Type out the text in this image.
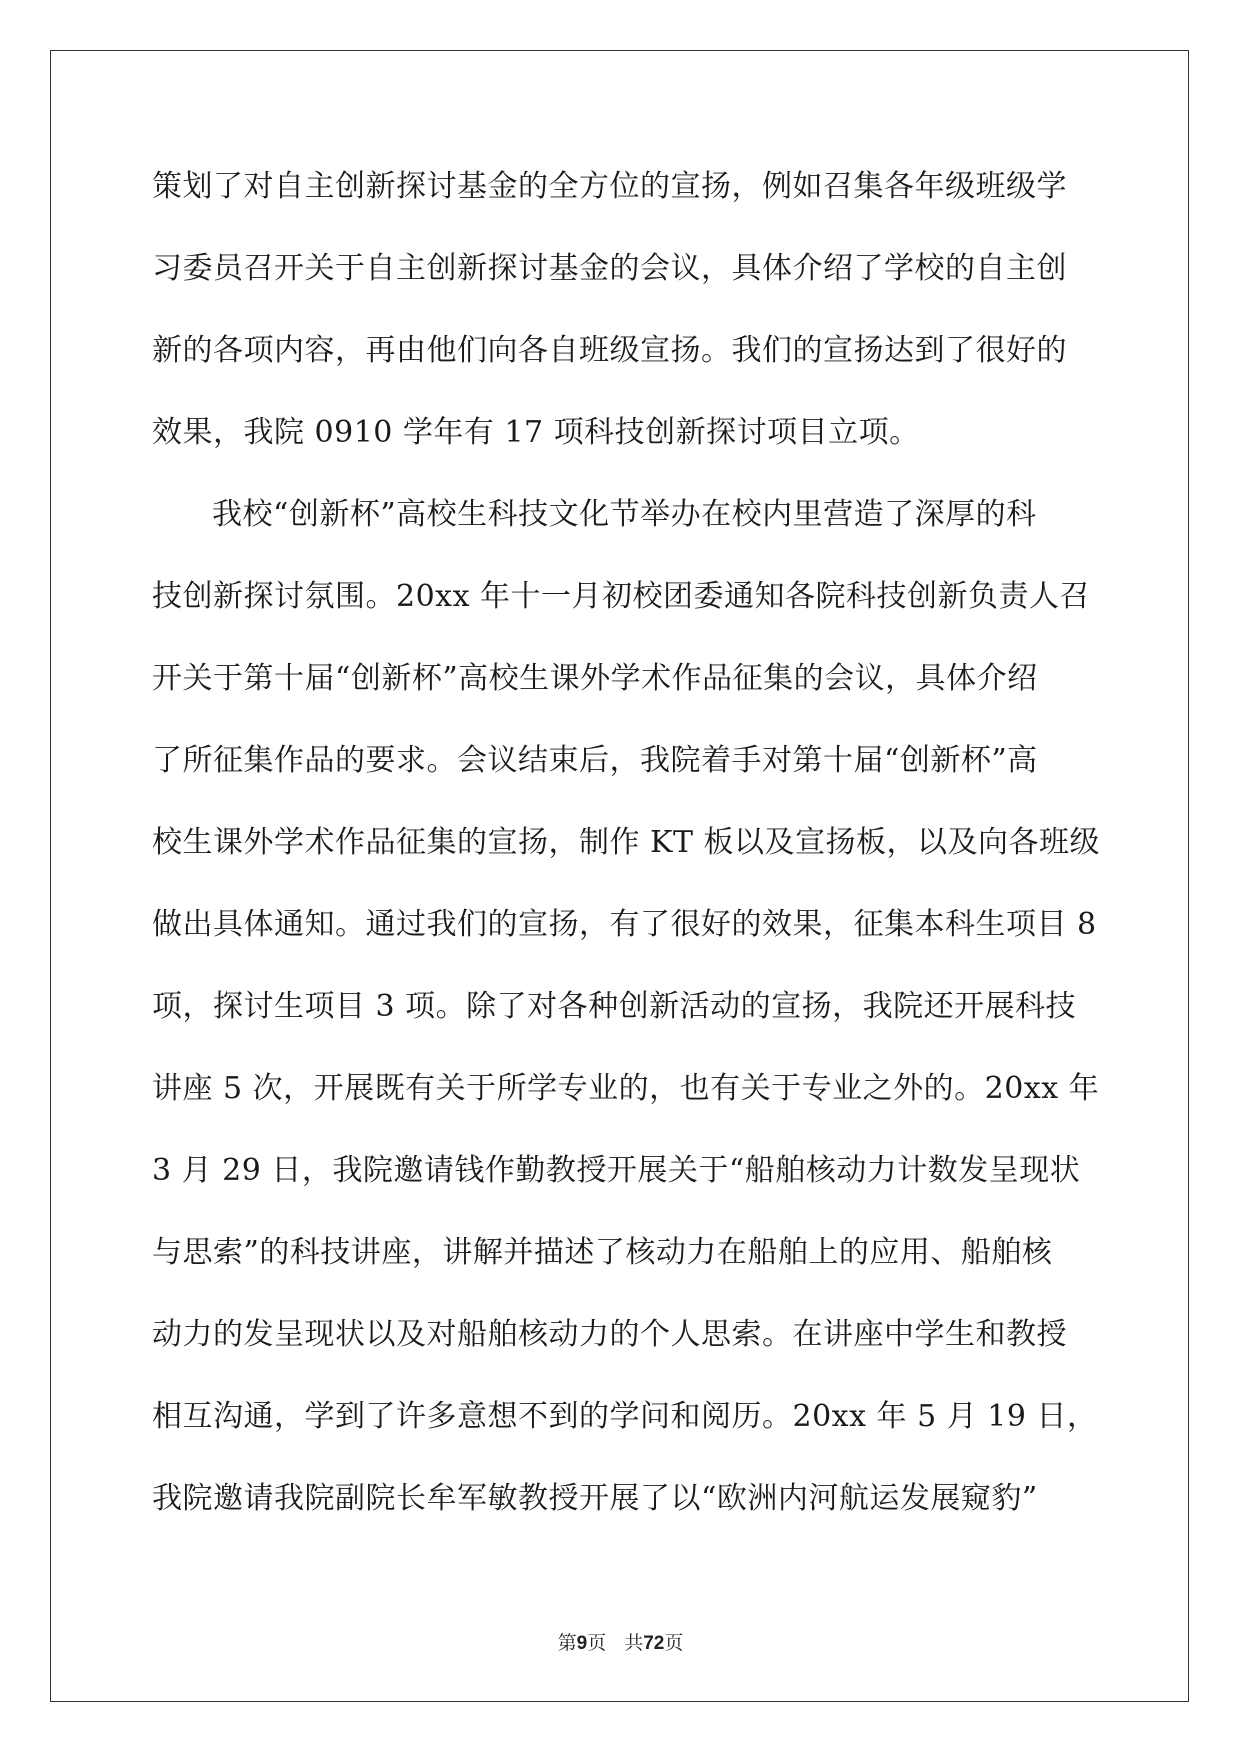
策划了对自主创新探讨基金的全方位的宣扬，例如召集各年级班级学
习委员召开关于自主创新探讨基金的会议，具体介绍了学校的自主创
新的各项内容，再由他们向各自班级宣扬。我们的宣扬达到了很好的
效果，我院 0910 学年有 17 项科技创新探讨项目立项。
我校“创新杯”高校生科技文化节举办在校内里营造了深厚的科
技创新探讨氛围。20xx 年十一月初校团委通知各院科技创新负责人召
开关于第十届“创新杯”高校生课外学术作品征集的会议，具体介绍
了所征集作品的要求。会议结束后，我院着手对第十届“创新杯”高
校生课外学术作品征集的宣扬，制作 KT 板以及宣扬板，以及向各班级
做出具体通知。通过我们的宣扬，有了很好的效果，征集本科生项目 8
项，探讨生项目 3 项。除了对各种创新活动的宣扬，我院还开展科技
讲座 5 次，开展既有关于所学专业的，也有关于专业之外的。20xx 年
3 月 29 日，我院邀请钱作勤教授开展关于“船舶核动力计数发呈现状
与思索”的科技讲座，讲解并描述了核动力在船舶上的应用、船舶核
动力的发呈现状以及对船舶核动力的个人思索。在讲座中学生和教授
相互沟通，学到了许多意想不到的学问和阅历。20xx 年 5 月 19 日，
我院邀请我院副院长牟军敏教授开展了以“欧洲内河航运发展窥豹”
第9页 共72页
